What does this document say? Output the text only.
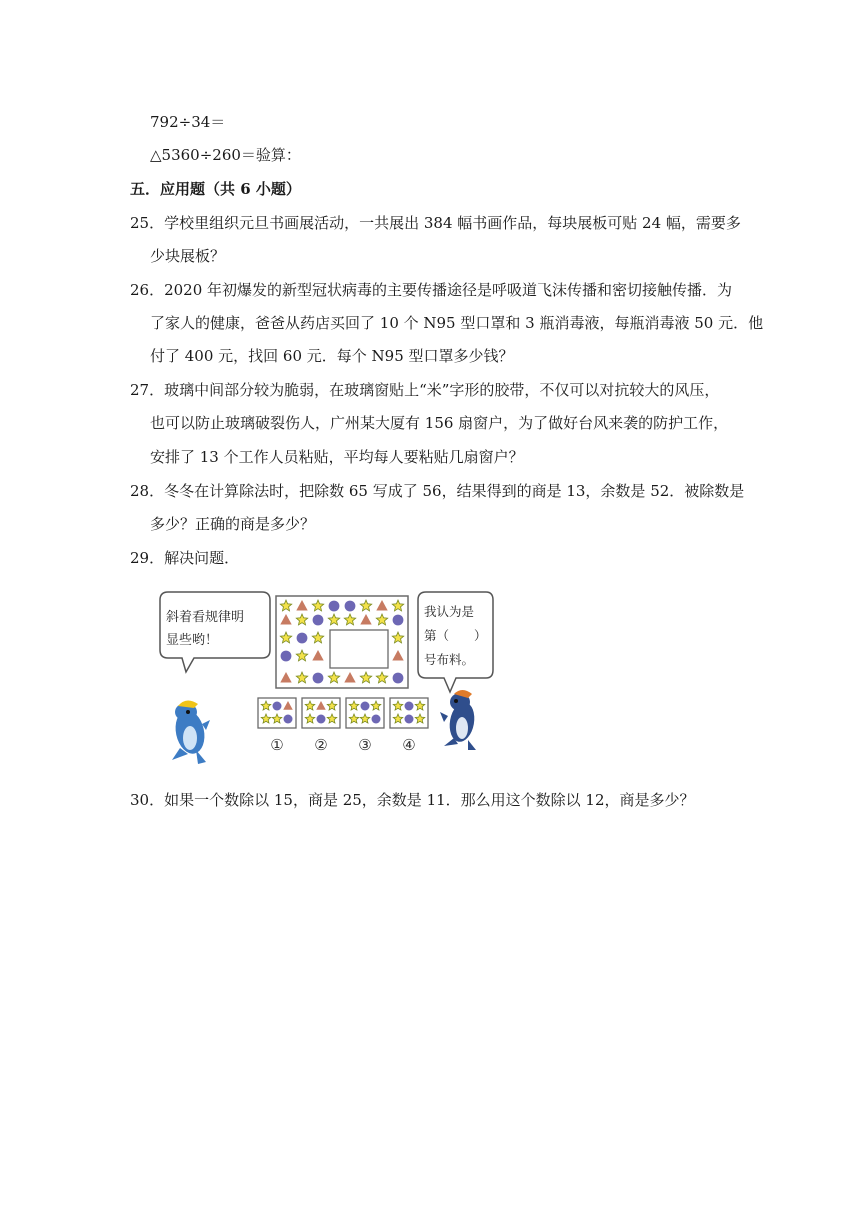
792÷34＝
△5360÷260＝验算：
五．应用题（共 6 小题）
25．学校里组织元旦书画展活动，一共展出 384 幅书画作品，每块展板可贴 24 幅，需要多
少块展板？
26．2020 年初爆发的新型冠状病毒的主要传播途径是呼吸道飞沫传播和密切接触传播．为
了家人的健康，爸爸从药店买回了 10 个 N95 型口罩和 3 瓶消毒液，每瓶消毒液 50 元．他
付了 400 元，找回 60 元．每个 N95 型口罩多少钱？
27．玻璃中间部分较为脆弱，在玻璃窗贴上“米”字形的胶带，不仅可以对抗较大的风压，
也可以防止玻璃破裂伤人，广州某大厦有 156 扇窗户，为了做好台风来袭的防护工作，
安排了 13 个工作人员粘贴，平均每人要粘贴几扇窗户？
28．冬冬在计算除法时，把除数 65 写成了 56，结果得到的商是 13，余数是 52．被除数是
多少？正确的商是多少？
29．解决问题．
斜着看规律明
显些哟！
我认为是
第（　　）
号布料。
① ② ③ ④
30．如果一个数除以 15，商是 25，余数是 11．那么用这个数除以 12，商是多少？
